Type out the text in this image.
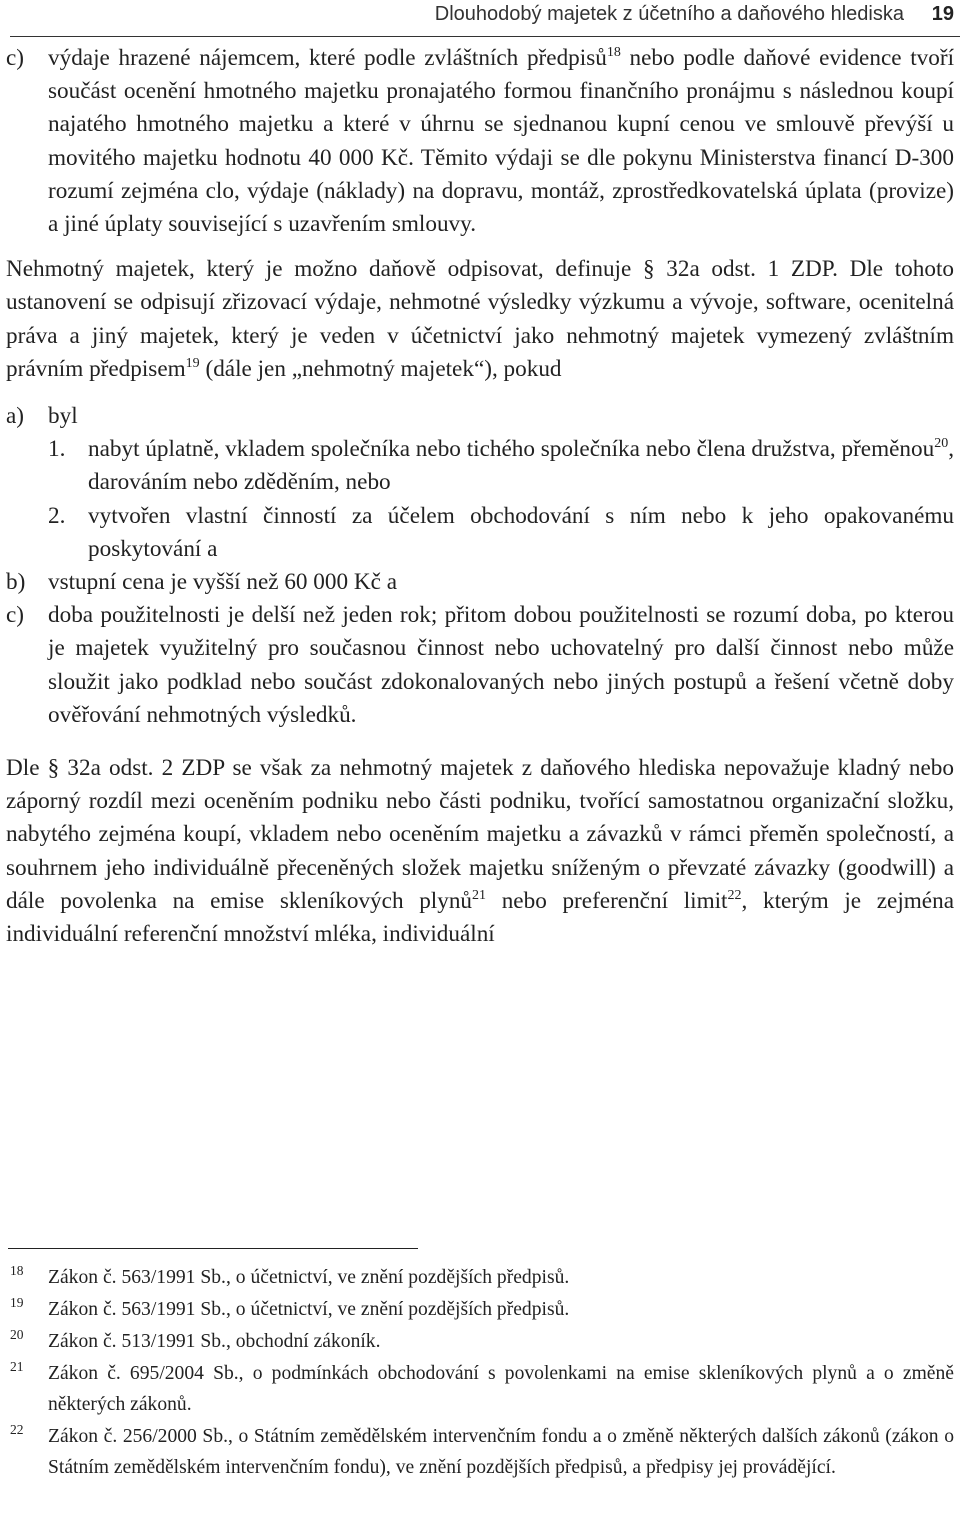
Dlouhodobý majetek z účetního a daňového hlediska 19

c) výdaje hrazené nájemcem, které podle zvláštních předpisů$^{18}$ nebo podle daňové evidence tvoří součást ocenění hmotného majetku pronajatého formou finančního pronájmu s následnou koupí najatého hmotného majetku a které v úhrnu se sjednanou kupní cenou ve smlouvě převýší u movitého majetku hodnotu 40 000 Kč. Těmito výdaji se dle pokynu Ministerstva financí D-300 rozumí zejména clo, výdaje (náklady) na dopravu, montáž, zprostředkovatelská úplata (provize) a jiné úplaty související s uzavřením smlouvy.

Nehmotný majetek, který je možno daňově odpisovat, definuje § 32a odst. 1 ZDP. Dle tohoto ustanovení se odpisují zřizovací výdaje, nehmotné výsledky výzkumu a vývoje, software, ocenitelná práva a jiný majetek, který je veden v účetnictví jako nehmotný majetek vymezený zvláštním právním předpisem$^{19}$ (dále jen „nehmotný majetek“), pokud

a) byl

1. nabyt úplatně, vkladem společníka nebo tichého společníka nebo člena družstva, přeměnou$^{20}$, darováním nebo zděděním, nebo

2. vytvořen vlastní činností za účelem obchodování s ním nebo k jeho opakovanému poskytování a

b) vstupní cena je vyšší než 60 000 Kč a

c) doba použitelnosti je delší než jeden rok; přitom dobou použitelnosti se rozumí doba, po kterou je majetek využitelný pro současnou činnost nebo uchovatelný pro další činnost nebo může sloužit jako podklad nebo součást zdokonalovaných nebo jiných postupů a řešení včetně doby ověřování nehmotných výsledků.

Dle § 32a odst. 2 ZDP se však za nehmotný majetek z daňového hlediska nepovažuje kladný nebo záporný rozdíl mezi oceněním podniku nebo části podniku, tvořící samostatnou organizační složku, nabytého zejména koupí, vkladem nebo oceněním majetku a závazků v rámci přeměn společností, a souhrnem jeho individuálně přeceněných složek majetku sníženým o převzaté závazky (goodwill) a dále povolenka na emise skleníkových plynů$^{21}$ nebo preferenční limit$^{22}$, kterým je zejména individuální referenční množství mléka, individuální

18 Zákon č. 563/1991 Sb., o účetnictví, ve znění pozdějších předpisů.

19 Zákon č. 563/1991 Sb., o účetnictví, ve znění pozdějších předpisů.

20 Zákon č. 513/1991 Sb., obchodní zákoník.

21 Zákon č. 695/2004 Sb., o podmínkách obchodování s povolenkami na emise skleníkových plynů a o změně některých zákonů.

22 Zákon č. 256/2000 Sb., o Státním zemědělském intervenčním fondu a o změně některých dalších zákonů (zákon o Státním zemědělském intervenčním fondu), ve znění pozdějších předpisů, a předpisy jej provádějící.
